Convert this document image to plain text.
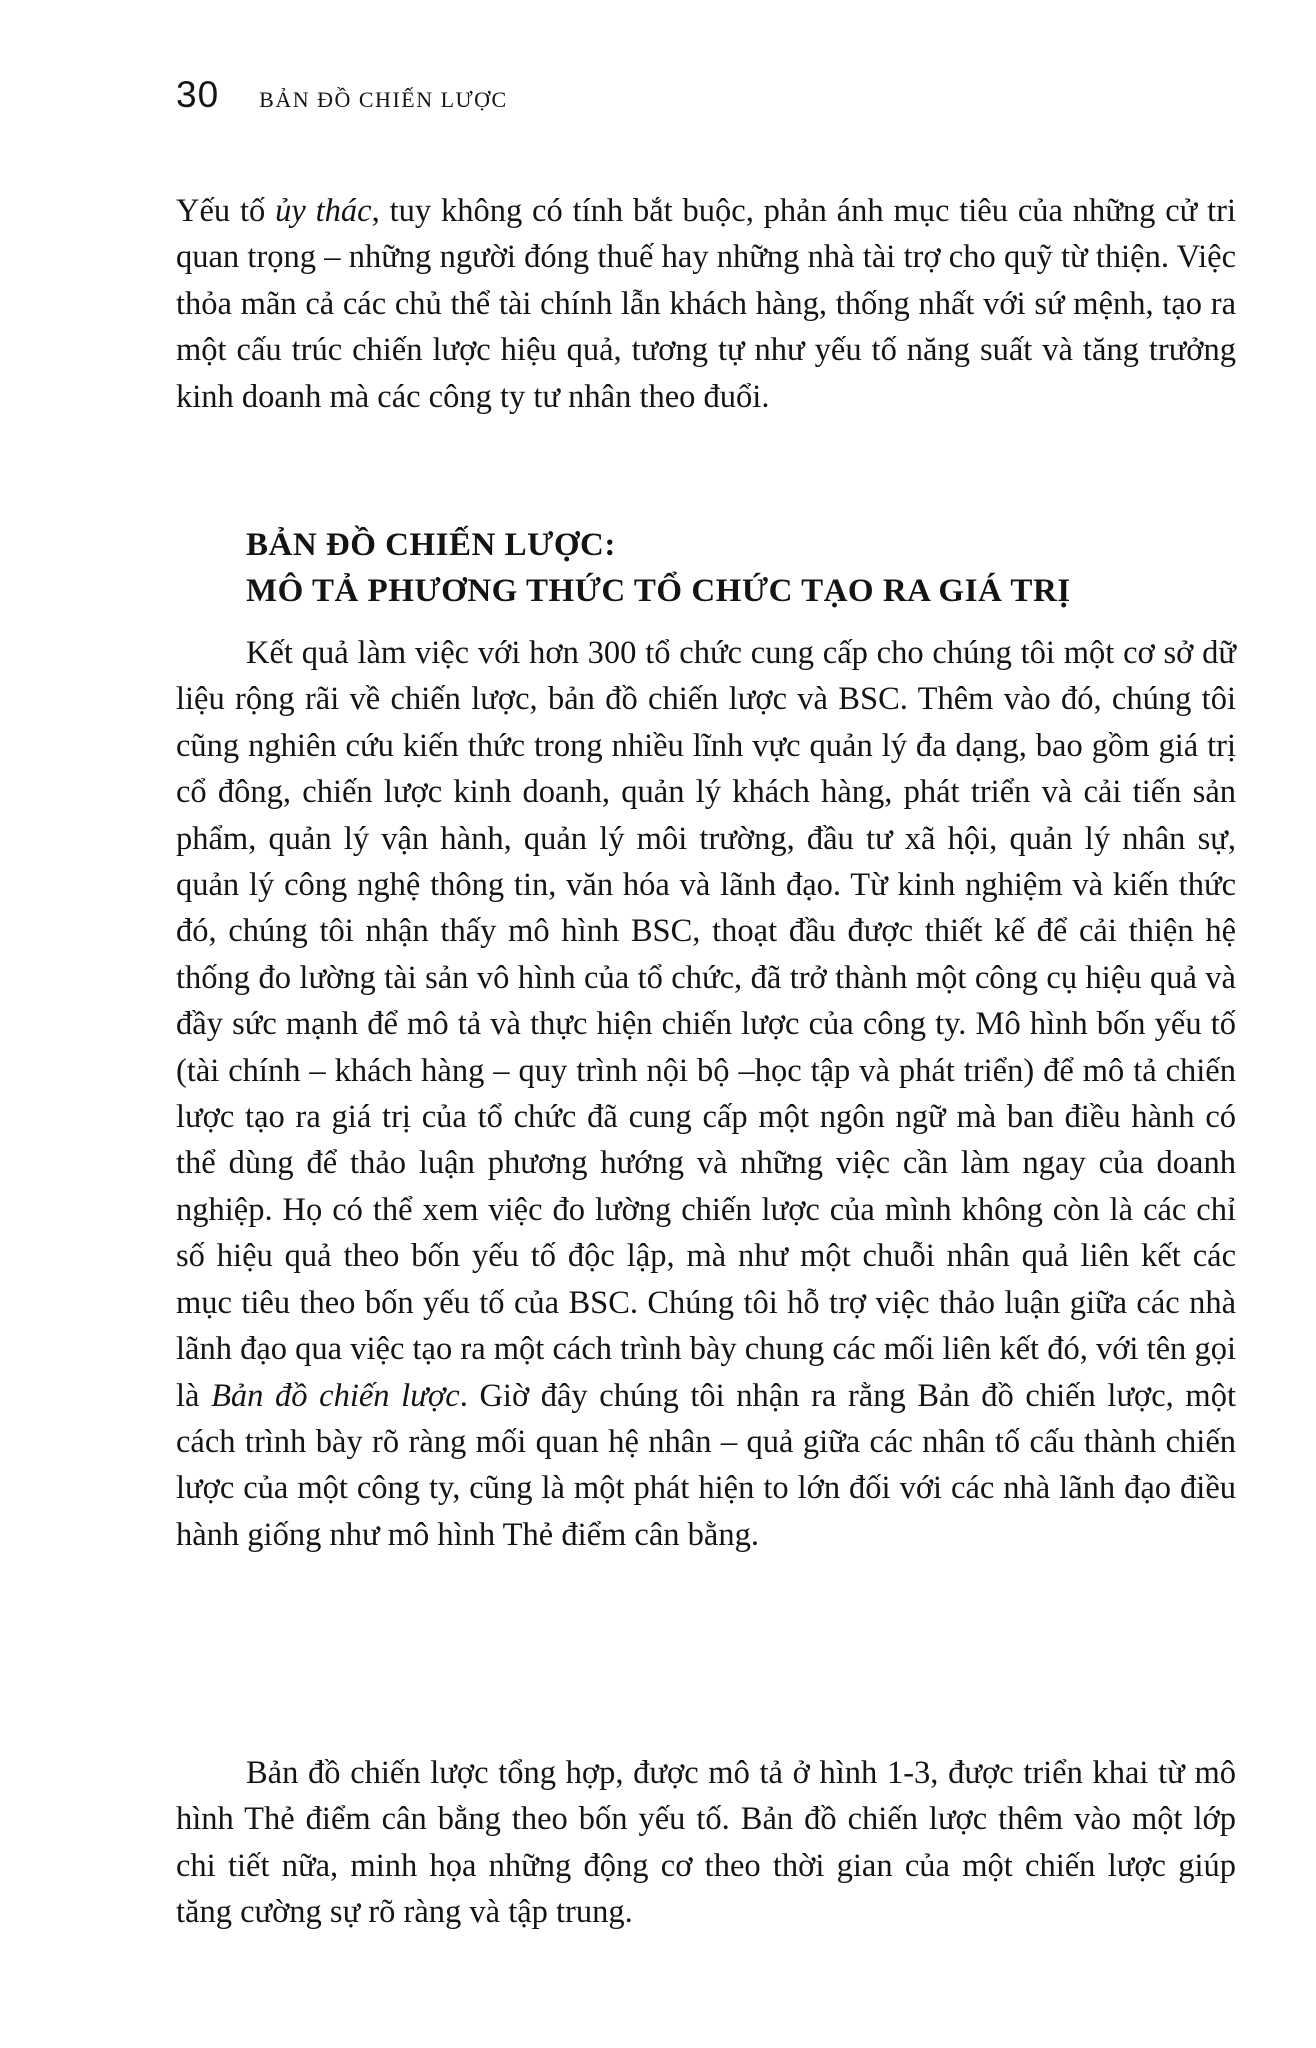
30 BẢN ĐỒ CHIẾN LƯỢC

Yếu tố ủy thác, tuy không có tính bắt buộc, phản ánh mục tiêu của những cử tri quan trọng – những người đóng thuế hay những nhà tài trợ cho quỹ từ thiện. Việc thỏa mãn cả các chủ thể tài chính lẫn khách hàng, thống nhất với sứ mệnh, tạo ra một cấu trúc chiến lược hiệu quả, tương tự như yếu tố năng suất và tăng trưởng kinh doanh mà các công ty tư nhân theo đuổi.

BẢN ĐỒ CHIẾN LƯỢC:
MÔ TẢ PHƯƠNG THỨC TỔ CHỨC TẠO RA GIÁ TRỊ

Kết quả làm việc với hơn 300 tổ chức cung cấp cho chúng tôi một cơ sở dữ liệu rộng rãi về chiến lược, bản đồ chiến lược và BSC. Thêm vào đó, chúng tôi cũng nghiên cứu kiến thức trong nhiều lĩnh vực quản lý đa dạng, bao gồm giá trị cổ đông, chiến lược kinh doanh, quản lý khách hàng, phát triển và cải tiến sản phẩm, quản lý vận hành, quản lý môi trường, đầu tư xã hội, quản lý nhân sự, quản lý công nghệ thông tin, văn hóa và lãnh đạo. Từ kinh nghiệm và kiến thức đó, chúng tôi nhận thấy mô hình BSC, thoạt đầu được thiết kế để cải thiện hệ thống đo lường tài sản vô hình của tổ chức, đã trở thành một công cụ hiệu quả và đầy sức mạnh để mô tả và thực hiện chiến lược của công ty. Mô hình bốn yếu tố (tài chính – khách hàng – quy trình nội bộ –học tập và phát triển) để mô tả chiến lược tạo ra giá trị của tổ chức đã cung cấp một ngôn ngữ mà ban điều hành có thể dùng để thảo luận phương hướng và những việc cần làm ngay của doanh nghiệp. Họ có thể xem việc đo lường chiến lược của mình không còn là các chỉ số hiệu quả theo bốn yếu tố độc lập, mà như một chuỗi nhân quả liên kết các mục tiêu theo bốn yếu tố của BSC. Chúng tôi hỗ trợ việc thảo luận giữa các nhà lãnh đạo qua việc tạo ra một cách trình bày chung các mối liên kết đó, với tên gọi là Bản đồ chiến lược. Giờ đây chúng tôi nhận ra rằng Bản đồ chiến lược, một cách trình bày rõ ràng mối quan hệ nhân – quả giữa các nhân tố cấu thành chiến lược của một công ty, cũng là một phát hiện to lớn đối với các nhà lãnh đạo điều hành giống như mô hình Thẻ điểm cân bằng.

Bản đồ chiến lược tổng hợp, được mô tả ở hình 1-3, được triển khai từ mô hình Thẻ điểm cân bằng theo bốn yếu tố. Bản đồ chiến lược thêm vào một lớp chi tiết nữa, minh họa những động cơ theo thời gian của một chiến lược giúp tăng cường sự rõ ràng và tập trung.
